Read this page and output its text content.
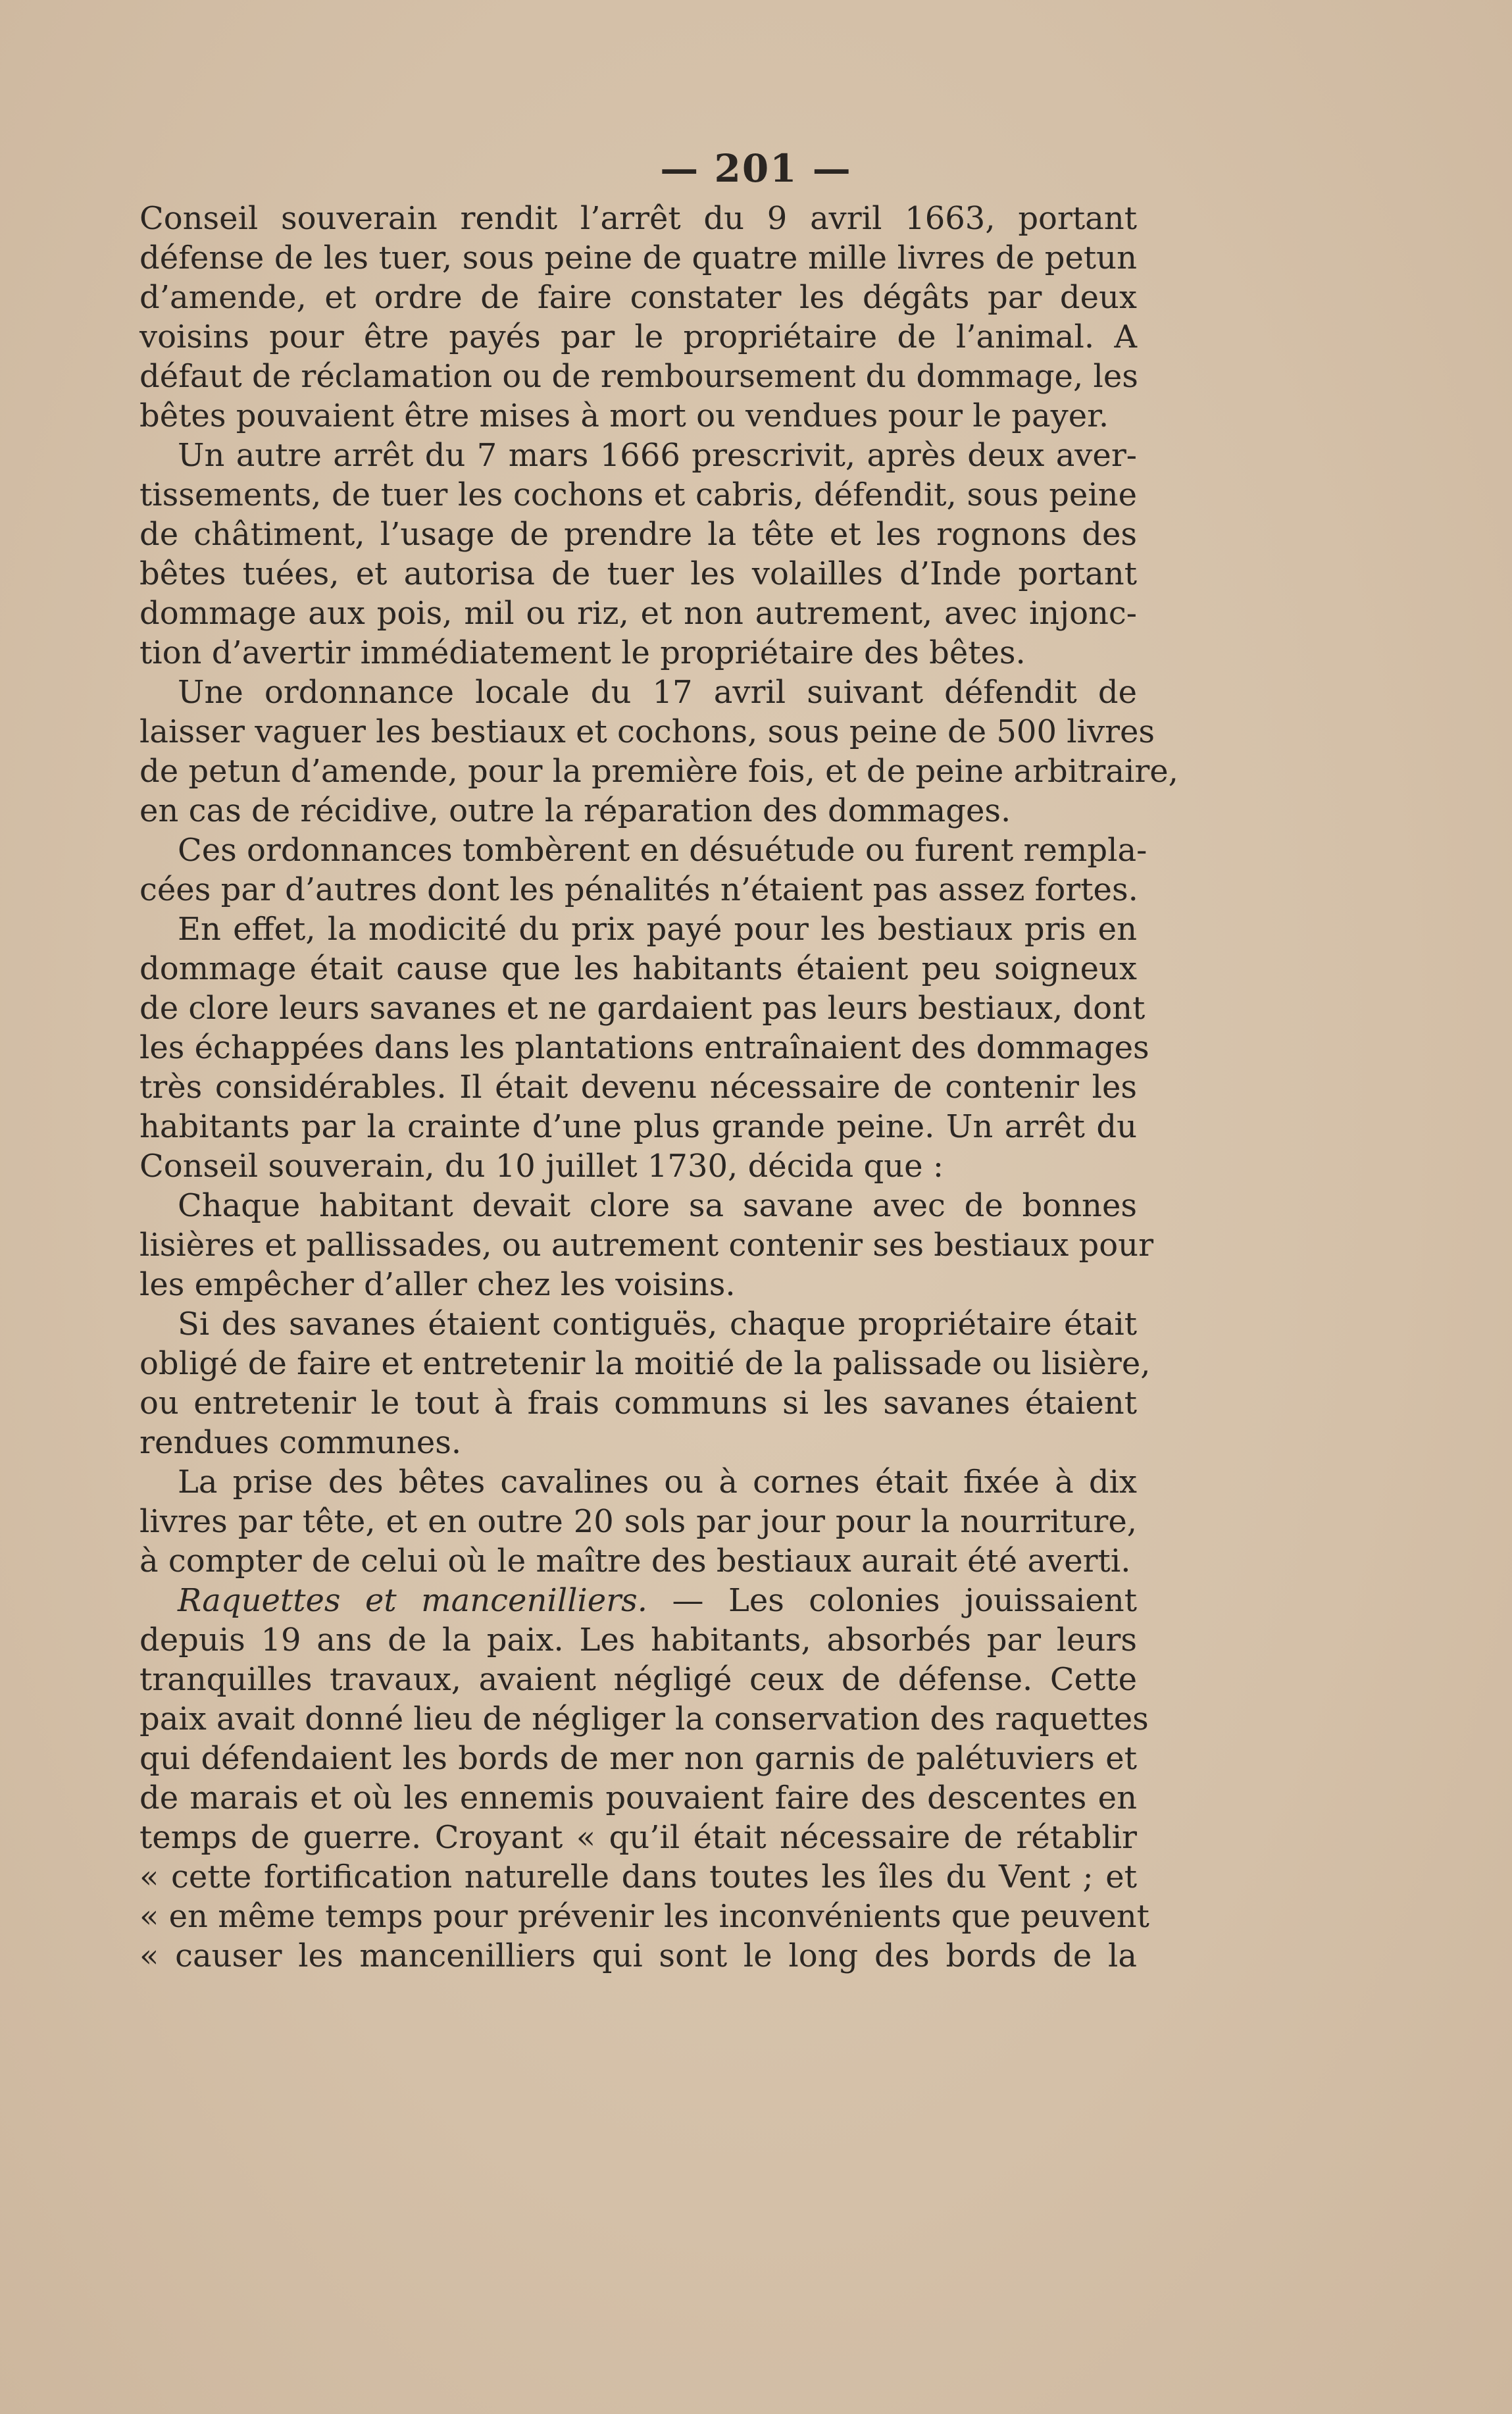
— 201 —
Conseil souverain rendit l’arrêt du 9 avril 1663, portant
défense de les tuer, sous peine de quatre mille livres de petun
d’amende, et ordre de faire constater les dégâts par deux
voisins pour être payés par le propriétaire de l’animal. A
défaut de réclamation ou de remboursement du dommage, les
bêtes pouvaient être mises à mort ou vendues pour le payer.
Un autre arrêt du 7 mars 1666 prescrivit, après deux aver-
tissements, de tuer les cochons et cabris, défendit, sous peine
de châtiment, l’usage de prendre la tête et les rognons des
bêtes tuées, et autorisa de tuer les volailles d’Inde portant
dommage aux pois, mil ou riz, et non autrement, avec injonc-
tion d’avertir immédiatement le propriétaire des bêtes.
Une ordonnance locale du 17 avril suivant défendit de
laisser vaguer les bestiaux et cochons, sous peine de 500 livres
de petun d’amende, pour la première fois, et de peine arbitraire,
en cas de récidive, outre la réparation des dommages.
Ces ordonnances tombèrent en désuétude ou furent rempla-
cées par d’autres dont les pénalités n’étaient pas assez fortes.
En effet, la modicité du prix payé pour les bestiaux pris en
dommage était cause que les habitants étaient peu soigneux
de clore leurs savanes et ne gardaient pas leurs bestiaux, dont
les échappées dans les plantations entraînaient des dommages
très considérables. Il était devenu nécessaire de contenir les
habitants par la crainte d’une plus grande peine. Un arrêt du
Conseil souverain, du 10 juillet 1730, décida que :
Chaque habitant devait clore sa savane avec de bonnes
lisières et pallissades, ou autrement contenir ses bestiaux pour
les empêcher d’aller chez les voisins.
Si des savanes étaient contiguës, chaque propriétaire était
obligé de faire et entretenir la moitié de la palissade ou lisière,
ou entretenir le tout à frais communs si les savanes étaient
rendues communes.
La prise des bêtes cavalines ou à cornes était fixée à dix
livres par tête, et en outre 20 sols par jour pour la nourriture,
à compter de celui où le maître des bestiaux aurait été averti.
Raquettes et mancenilliers. — Les colonies jouissaient
depuis 19 ans de la paix. Les habitants, absorbés par leurs
tranquilles travaux, avaient négligé ceux de défense. Cette
paix avait donné lieu de négliger la conservation des raquettes
qui défendaient les bords de mer non garnis de palétuviers et
de marais et où les ennemis pouvaient faire des descentes en
temps de guerre. Croyant « qu’il était nécessaire de rétablir
« cette fortification naturelle dans toutes les îles du Vent ; et
« en même temps pour prévenir les inconvénients que peuvent
« causer les mancenilliers qui sont le long des bords de la
